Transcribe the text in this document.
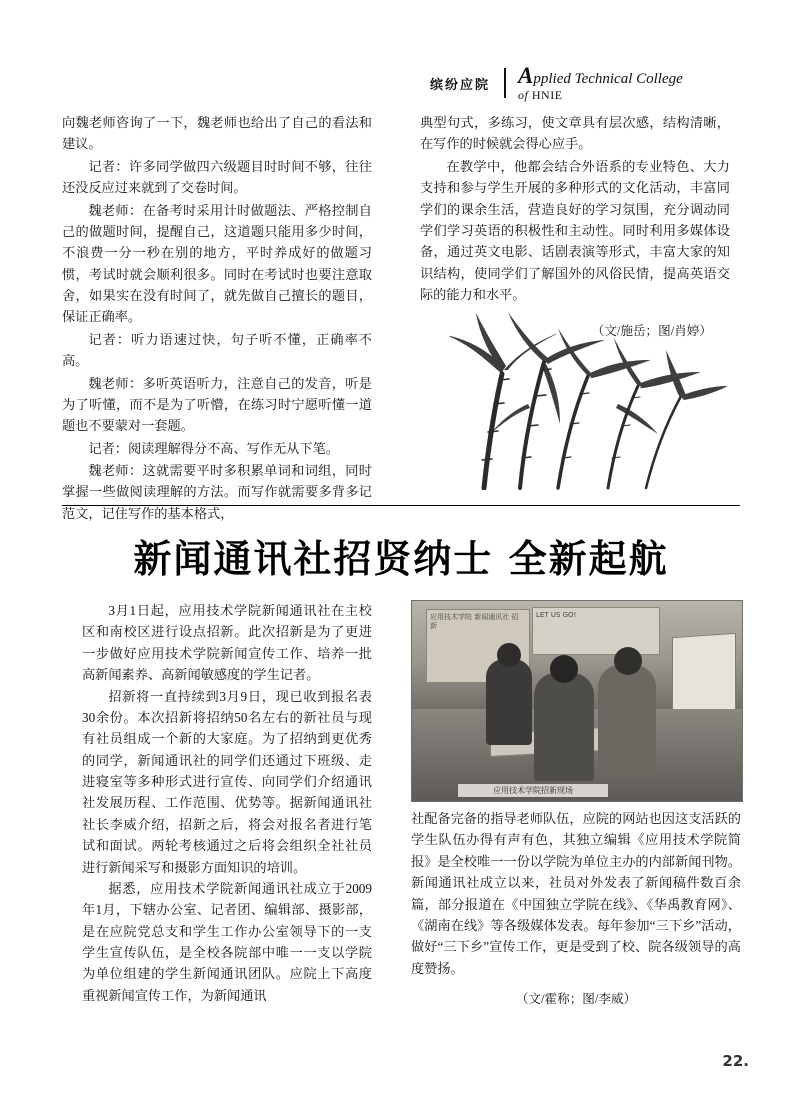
缤纷应院 Applied Technical College
of HNIE

向魏老师咨询了一下，魏老师也给出了自己的看法和建议。

记者：许多同学做四六级题目时时间不够，往往还没反应过来就到了交卷时间。

魏老师：在备考时采用计时做题法、严格控制自己的做题时间，提醒自己，这道题只能用多少时间，不浪费一分一秒在别的地方，平时养成好的做题习惯，考试时就会顺利很多。同时在考试时也要注意取舍，如果实在没有时间了，就先做自己擅长的题目，保证正确率。

记者：听力语速过快，句子听不懂，正确率不高。

魏老师：多听英语听力，注意自己的发音，听是为了听懂，而不是为了听懵，在练习时宁愿听懂一道题也不要蒙对一套题。

记者：阅读理解得分不高、写作无从下笔。

魏老师：这就需要平时多积累单词和词组，同时掌握一些做阅读理解的方法。而写作就需要多背多记范文，记住写作的基本格式，

典型句式，多练习，使文章具有层次感，结构清晰，在写作的时候就会得心应手。

在教学中，他都会结合外语系的专业特色、大力支持和参与学生开展的多种形式的文化活动，丰富同学们的课余生活，营造良好的学习氛围，充分调动同学们学习英语的积极性和主动性。同时利用多媒体设备，通过英文电影、话剧表演等形式，丰富大家的知识结构，使同学们了解国外的风俗民情，提高英语交际的能力和水平。

（文/施岳；图/肖婷）
新闻通讯社招贤纳士 全新起航

3月1日起，应用技术学院新闻通讯社在主校区和南校区进行设点招新。此次招新是为了更进一步做好应用技术学院新闻宣传工作、培养一批高新闻素养、高新闻敏感度的学生记者。

招新将一直持续到3月9日，现已收到报名表30余份。本次招新将招纳50名左右的新社员与现有社员组成一个新的大家庭。为了招纳到更优秀的同学，新闻通讯社的同学们还通过下班级、走进寝室等多种形式进行宣传、向同学们介绍通讯社发展历程、工作范围、优势等。据新闻通讯社社长李威介绍，招新之后，将会对报名者进行笔试和面试。两轮考核通过之后将会组织全社社员进行新闻采写和摄影方面知识的培训。

据悉，应用技术学院新闻通讯社成立于2009年1月，下辖办公室、记者团、编辑部、摄影部，是在应院党总支和学生工作办公室领导下的一支学生宣传队伍，是全校各院部中唯一一支以学院为单位组建的学生新闻通讯团队。应院上下高度重视新闻宣传工作，为新闻通讯

应用技术学院 新闻通讯社 招 新
LET US GO!
应用技术学院招新现场

社配备完备的指导老师队伍，应院的网站也因这支活跃的学生队伍办得有声有色，其独立编辑《应用技术学院简报》是全校唯一一份以学院为单位主办的内部新闻刊物。新闻通讯社成立以来，社员对外发表了新闻稿件数百余篇，部分报道在《中国独立学院在线》、《华禹教育网》、《湖南在线》等各级媒体发表。每年参加“三下乡”活动，做好“三下乡”宣传工作，更是受到了校、院各级领导的高度赞扬。

（文/霍称；图/李威）
22.
